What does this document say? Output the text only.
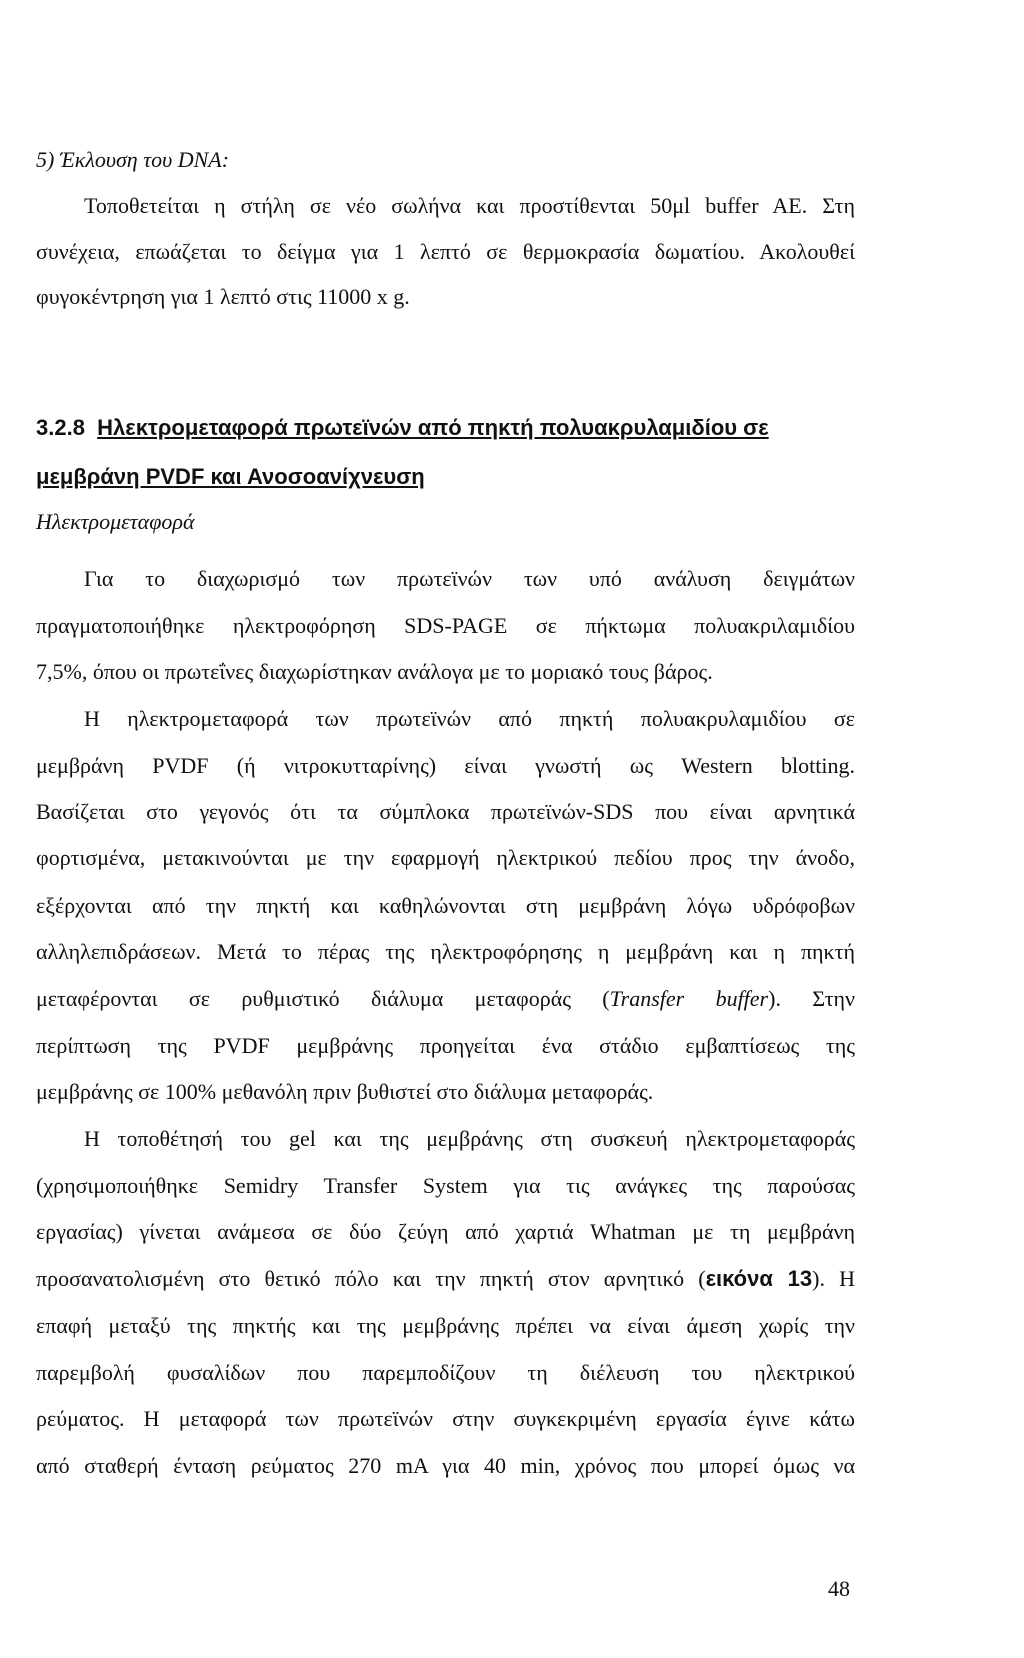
5) Έκλουση του DNA:
Τοποθετείται η στήλη σε νέο σωλήνα και προστίθενται 50μl buffer AE. Στη
συνέχεια, επωάζεται το δείγμα για 1 λεπτό σε θερμοκρασία δωματίου. Ακολουθεί
φυγοκέντρηση για 1 λεπτό στις 11000 x g.
3.2.8 Ηλεκτρομεταφορά πρωτεϊνών από πηκτή πολυακρυλαμιδίου σε
μεμβράνη PVDF και Ανοσοανίχνευση
Ηλεκτρομεταφορά
Για το διαχωρισμό των πρωτεϊνών των υπό ανάλυση δειγμάτων
πραγματοποιήθηκε ηλεκτροφόρηση SDS-PAGE σε πήκτωμα πολυακριλαμιδίου
7,5%, όπου οι πρωτεΐνες διαχωρίστηκαν ανάλογα με το μοριακό τους βάρος.
Η ηλεκτρομεταφορά των πρωτεϊνών από πηκτή πολυακρυλαμιδίου σε
μεμβράνη PVDF (ή νιτροκυτταρίνης) είναι γνωστή ως Western blotting.
Βασίζεται στο γεγονός ότι τα σύμπλοκα πρωτεϊνών-SDS που είναι αρνητικά
φορτισμένα, μετακινούνται με την εφαρμογή ηλεκτρικού πεδίου προς την άνοδο,
εξέρχονται από την πηκτή και καθηλώνονται στη μεμβράνη λόγω υδρόφοβων
αλληλεπιδράσεων. Μετά το πέρας της ηλεκτροφόρησης η μεμβράνη και η πηκτή
μεταφέρονται σε ρυθμιστικό διάλυμα μεταφοράς (Transfer buffer). Στην
περίπτωση της PVDF μεμβράνης προηγείται ένα στάδιο εμβαπτίσεως της
μεμβράνης σε 100% μεθανόλη πριν βυθιστεί στο διάλυμα μεταφοράς.
Η τοποθέτησή του gel και της μεμβράνης στη συσκευή ηλεκτρομεταφοράς
(χρησιμοποιήθηκε Semidry Transfer System για τις ανάγκες της παρούσας
εργασίας) γίνεται ανάμεσα σε δύο ζεύγη από χαρτιά Whatman με τη μεμβράνη
προσανατολισμένη στο θετικό πόλο και την πηκτή στον αρνητικό (εικόνα 13). Η
επαφή μεταξύ της πηκτής και της μεμβράνης πρέπει να είναι άμεση χωρίς την
παρεμβολή φυσαλίδων που παρεμποδίζουν τη διέλευση του ηλεκτρικού
ρεύματος. Η μεταφορά των πρωτεϊνών στην συγκεκριμένη εργασία έγινε κάτω
από σταθερή ένταση ρεύματος 270 mA για 40 min, χρόνος που μπορεί όμως να
48
